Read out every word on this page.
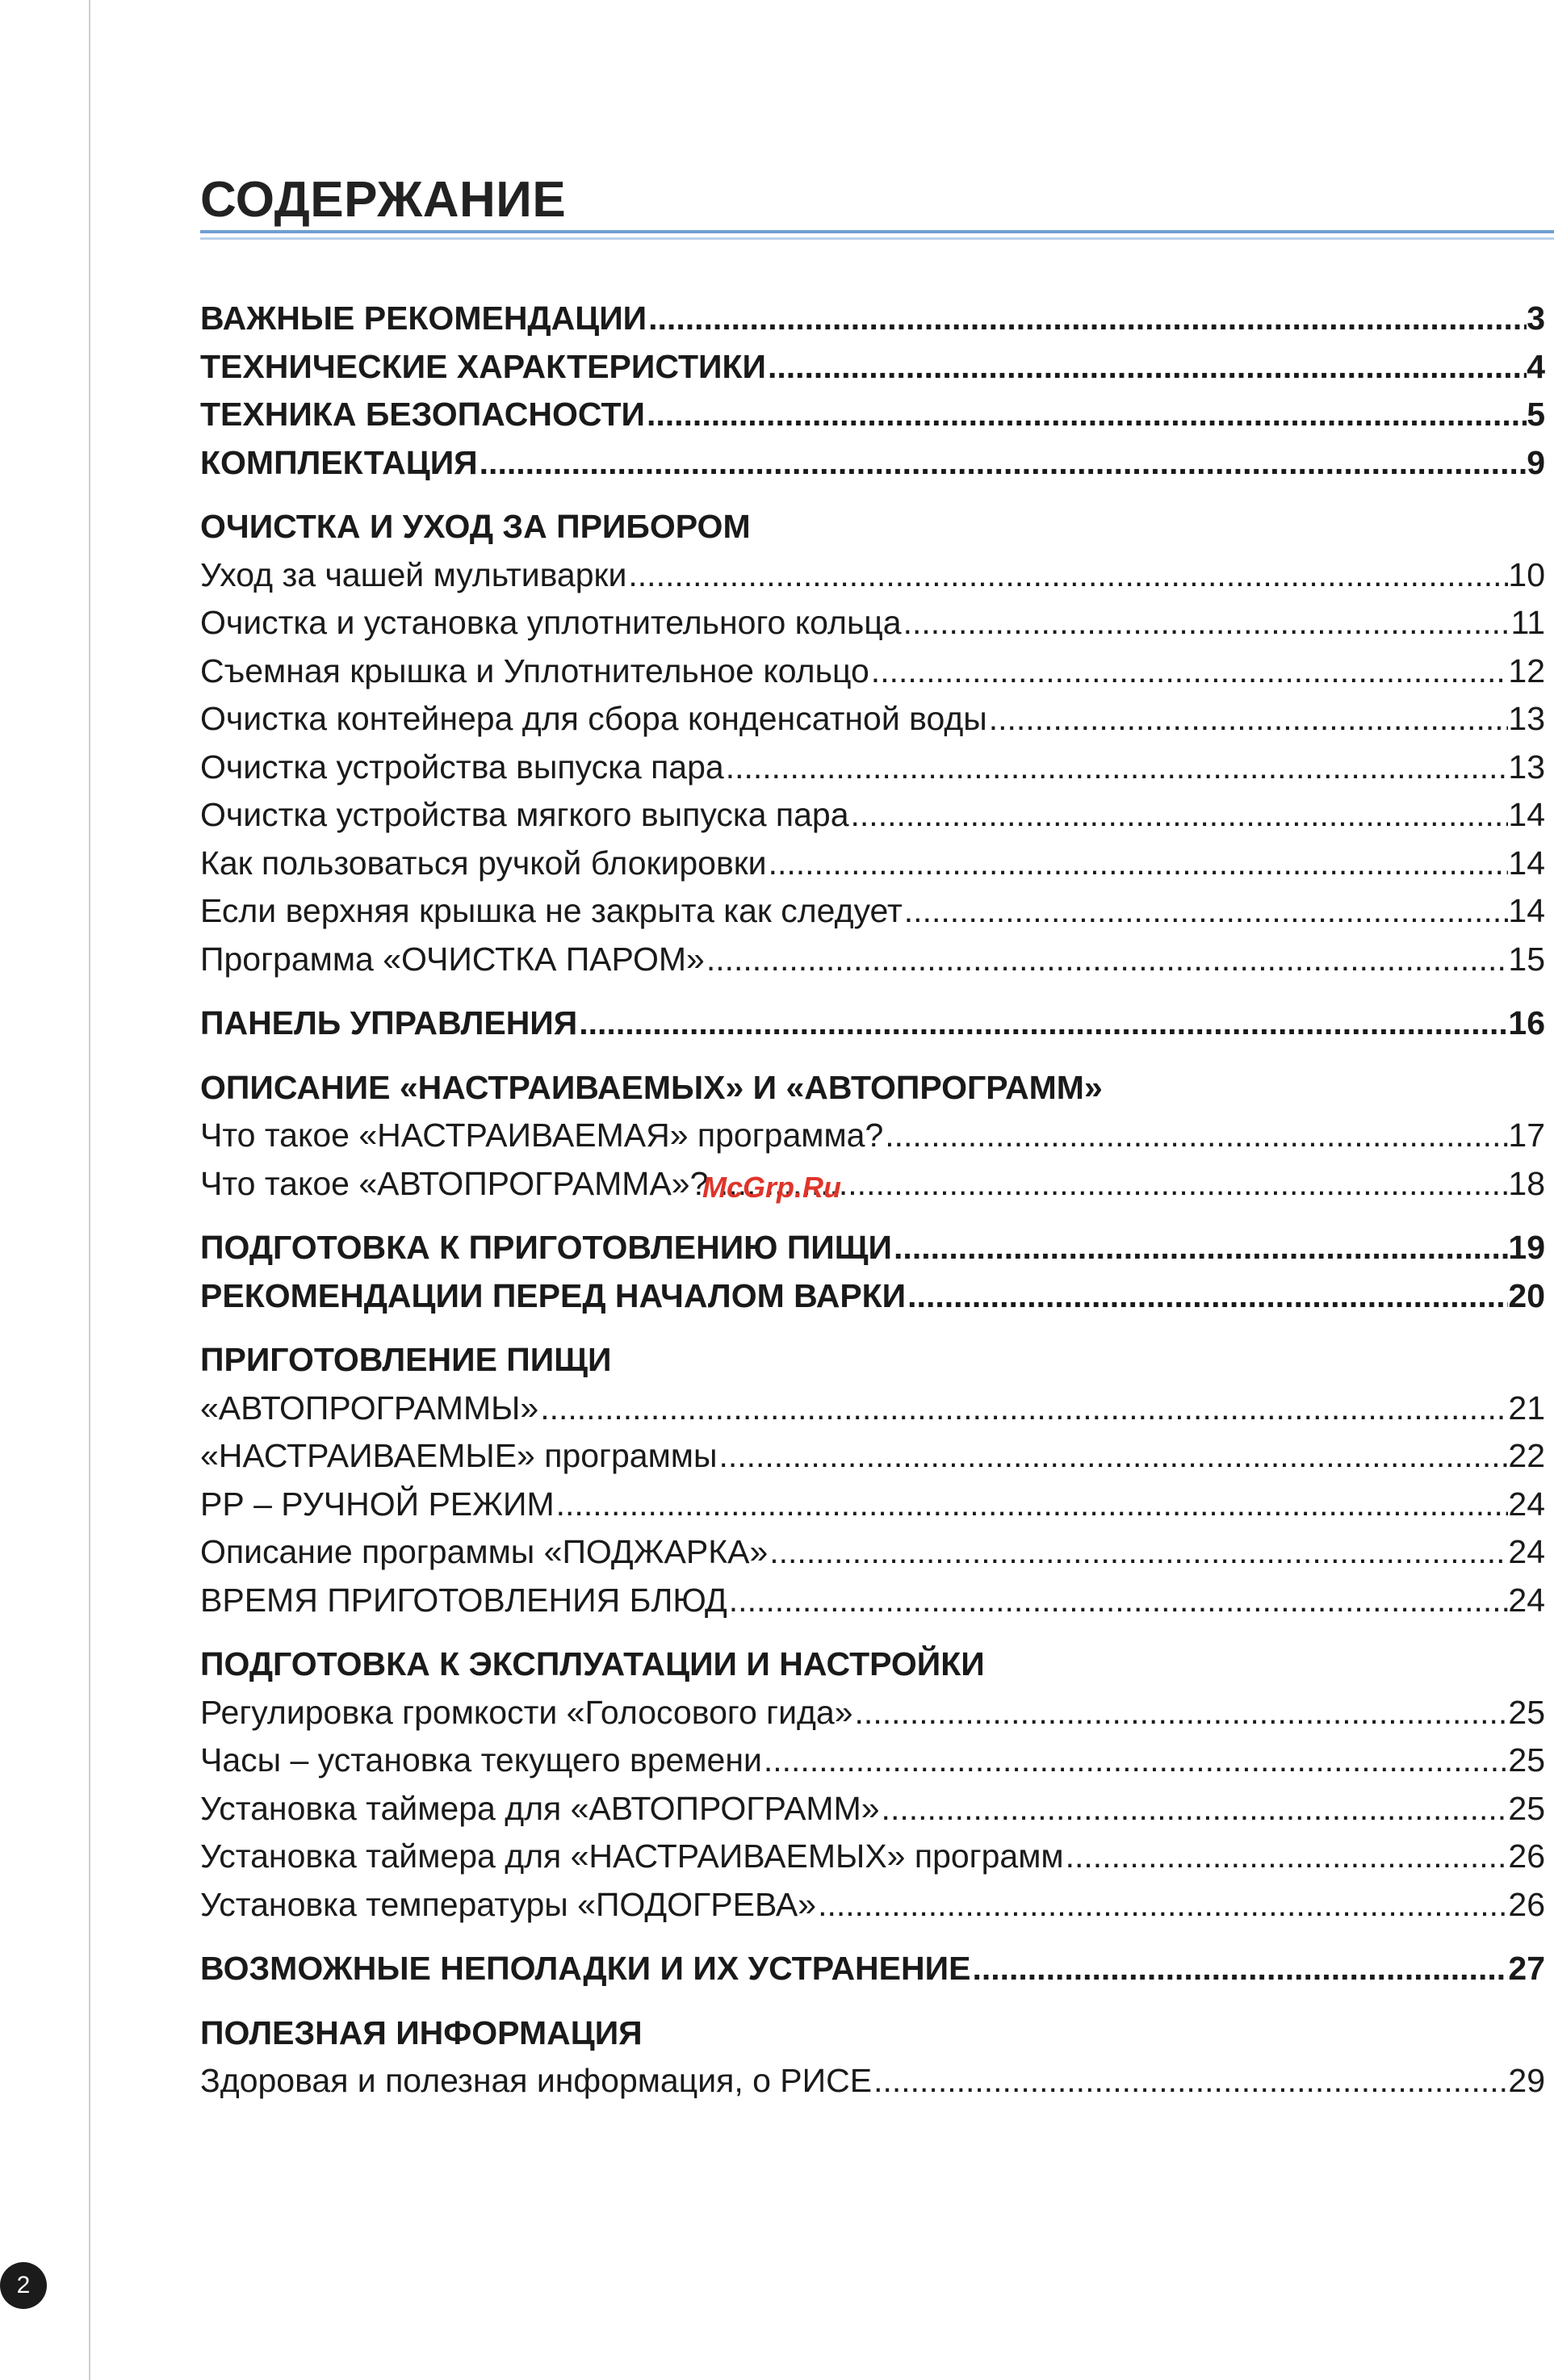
СОДЕРЖАНИЕ
ВАЖНЫЕ РЕКОМЕНДАЦИИ .....	3
ТЕХНИЧЕСКИЕ ХАРАКТЕРИСТИКИ .....	4
ТЕХНИКА БЕЗОПАСНОСТИ .....	5
КОМПЛЕКТАЦИЯ .....	9
ОЧИСТКА И УХОД ЗА ПРИБОРОМ
Уход за чашей мультиварки .....	10
Очистка и установка уплотнительного кольца .....	11
Съемная крышка и Уплотнительное кольцо .....	12
Очистка контейнера для сбора конденсатной воды .....	13
Очистка устройства выпуска пара .....	13
Очистка устройства мягкого выпуска пара .....	14
Как пользоваться ручкой блокировки .....	14
Если верхняя крышка не закрыта как следует .....	14
Программа «ОЧИСТКА ПАРОМ» .....	15
ПАНЕЛЬ УПРАВЛЕНИЯ .....	16
ОПИСАНИЕ «НАСТРАИВАЕМЫХ» И «АВТОПРОГРАММ»
Что такое «НАСТРАИВАЕМАЯ» программа? .....	17
Что такое «АВТОПРОГРАММА»? .....	18
ПОДГОТОВКА К ПРИГОТОВЛЕНИЮ ПИЩИ .....	19
РЕКОМЕНДАЦИИ ПЕРЕД НАЧАЛОМ ВАРКИ .....	20
ПРИГОТОВЛЕНИЕ ПИЩИ
«АВТОПРОГРАММЫ» .....	21
«НАСТРАИВАЕМЫЕ» программы .....	22
РР – РУЧНОЙ РЕЖИМ .....	24
Описание программы «ПОДЖАРКА» .....	24
ВРЕМЯ ПРИГОТОВЛЕНИЯ БЛЮД .....	24
ПОДГОТОВКА К ЭКСПЛУАТАЦИИ И НАСТРОЙКИ
Регулировка громкости «Голосового гида» .....	25
Часы – установка текущего времени .....	25
Установка таймера для «АВТОПРОГРАММ» .....	25
Установка таймера для «НАСТРАИВАЕМЫХ» программ .....	26
Установка температуры «ПОДОГРЕВА» .....	26
ВОЗМОЖНЫЕ НЕПОЛАДКИ И ИХ УСТРАНЕНИЕ .....	27
ПОЛЕЗНАЯ ИНФОРМАЦИЯ
Здоровая и полезная информация, о РИСЕ .....	29
McGrp.Ru
2
